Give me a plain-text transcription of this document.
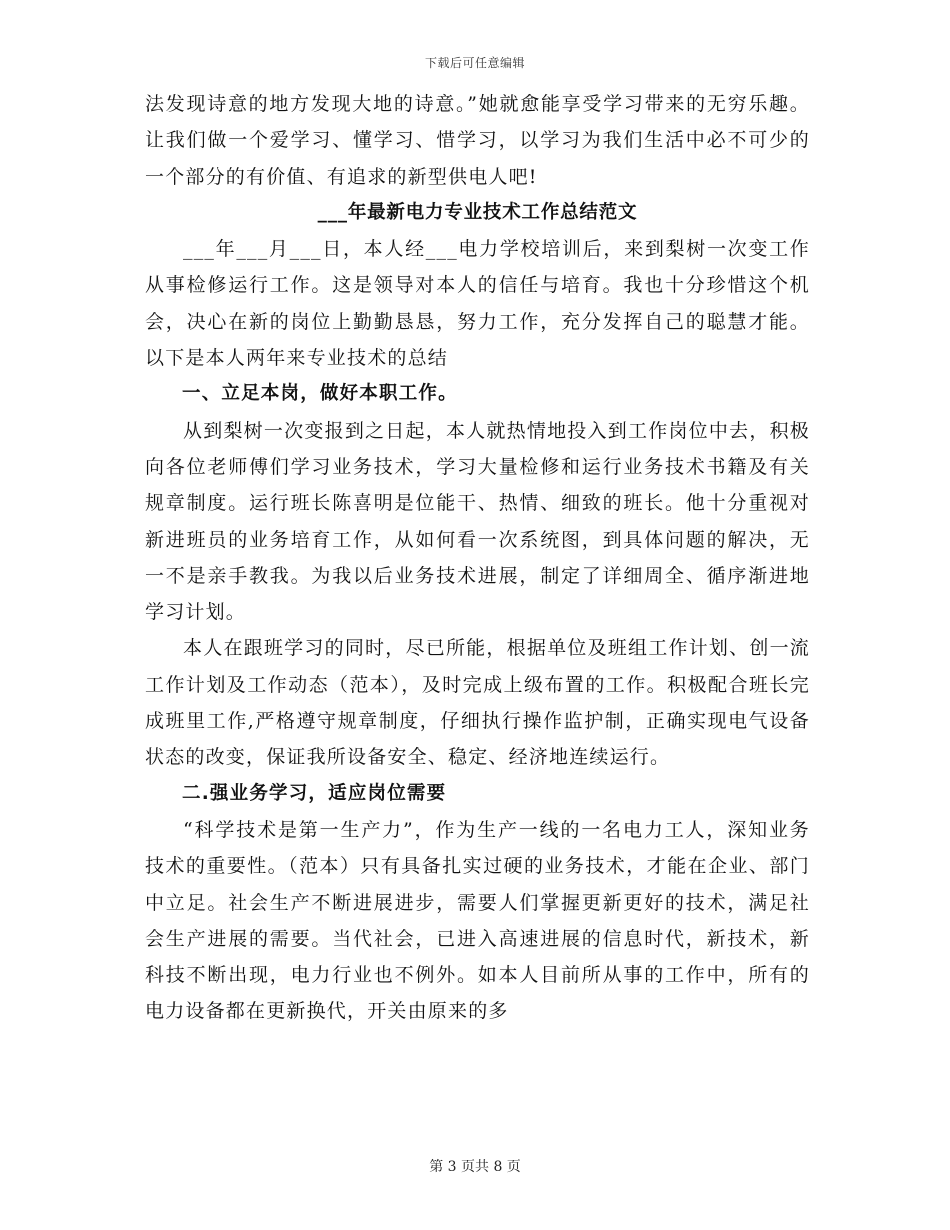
下载后可任意编辑

法发现诗意的地方发现大地的诗意。”她就愈能享受学习带来的无穷乐趣。让我们做一个爱学习、懂学习、惜学习，以学习为我们生活中必不可少的一个部分的有价值、有追求的新型供电人吧!

___年最新电力专业技术工作总结范文

___年___月___日，本人经___电力学校培训后，来到梨树一次变工作从事检修运行工作。这是领导对本人的信任与培育。我也十分珍惜这个机会，决心在新的岗位上勤勤恳恳，努力工作，充分发挥自己的聪慧才能。以下是本人两年来专业技术的总结

一、立足本岗，做好本职工作。

从到梨树一次变报到之日起，本人就热情地投入到工作岗位中去，积极向各位老师傅们学习业务技术，学习大量检修和运行业务技术书籍及有关规章制度。运行班长陈喜明是位能干、热情、细致的班长。他十分重视对新进班员的业务培育工作，从如何看一次系统图，到具体问题的解决，无一不是亲手教我。为我以后业务技术进展，制定了详细周全、循序渐进地学习计划。

本人在跟班学习的同时，尽已所能，根据单位及班组工作计划、创一流工作计划及工作动态（范本），及时完成上级布置的工作。积极配合班长完成班里工作,严格遵守规章制度，仔细执行操作监护制，正确实现电气设备状态的改变，保证我所设备安全、稳定、经济地连续运行。

二.强业务学习，适应岗位需要

“科学技术是第一生产力”，作为生产一线的一名电力工人，深知业务技术的重要性。（范本）只有具备扎实过硬的业务技术，才能在企业、部门中立足。社会生产不断进展进步，需要人们掌握更新更好的技术，满足社会生产进展的需要。当代社会，已进入高速进展的信息时代，新技术，新科技不断出现，电力行业也不例外。如本人目前所从事的工作中，所有的电力设备都在更新换代，开关由原来的多

第 3 页共 8 页
